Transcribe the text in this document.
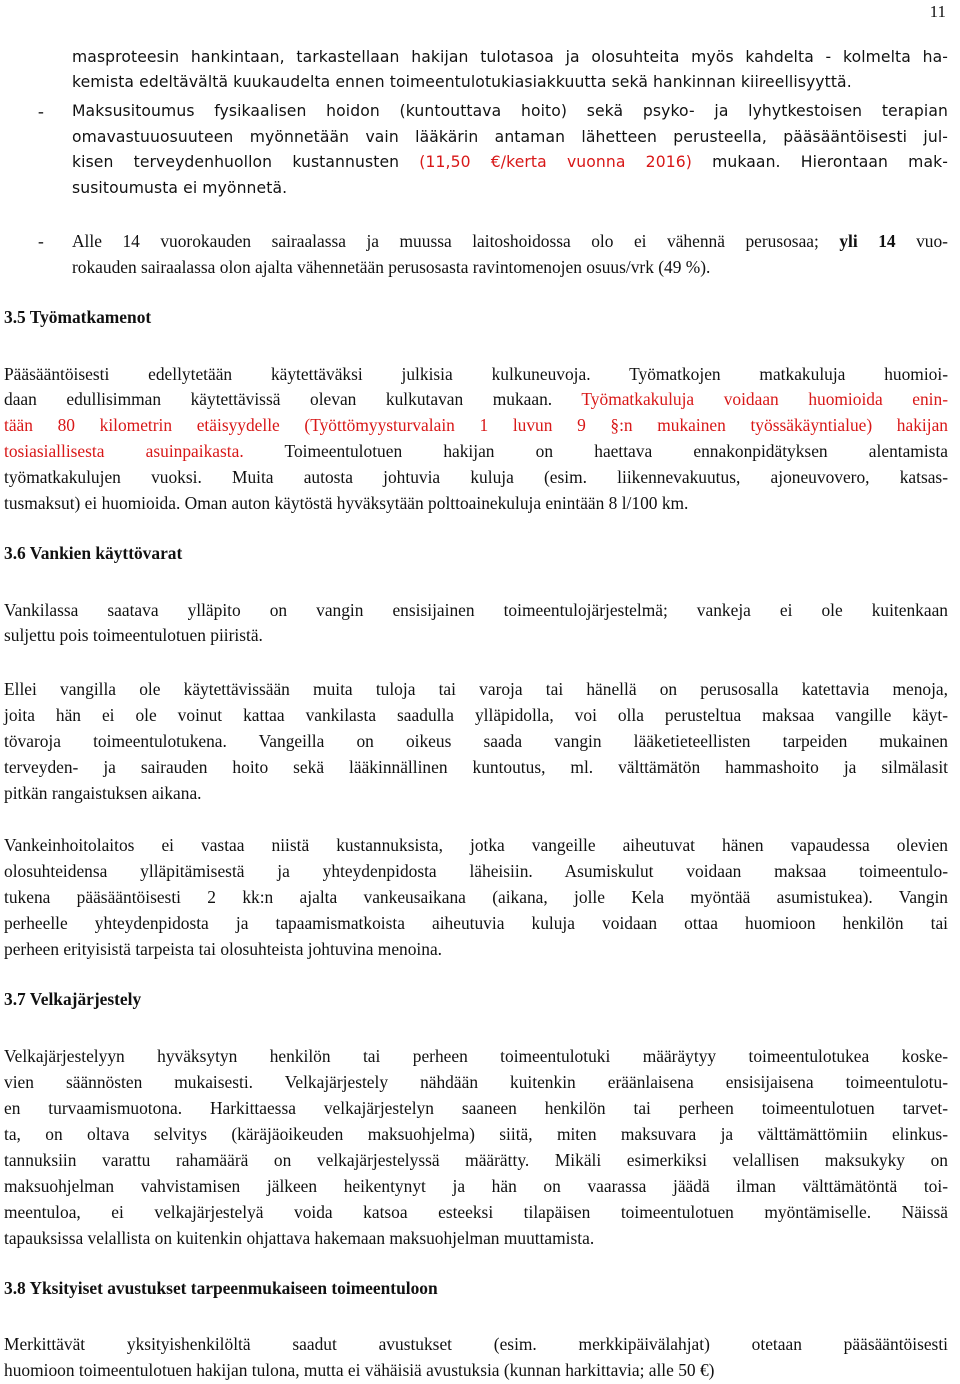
11
masproteesin hankintaan, tarkastellaan hakijan tulotasoa ja olosuhteita myös kahdelta - kolmelta ha-
kemista edeltävältä kuukaudelta ennen toimeentulotukiasiakkuutta sekä hankinnan kiireellisyyttä.
- Maksusitoumus fysikaalisen hoidon (kuntouttava hoito) sekä psyko- ja lyhytkestoisen terapian
omavastuuosuuteen myönnetään vain lääkärin antaman lähetteen perusteella, pääsääntöisesti jul-
kisen terveydenhuollon kustannusten (11,50 €/kerta vuonna 2016) mukaan. Hierontaan mak-
susitoumusta ei myönnetä.
- Alle 14 vuorokauden sairaalassa ja muussa laitoshoidossa olo ei vähennä perusosaa; yli 14 vuo-
rokauden sairaalassa olon ajalta vähennetään perusosasta ravintomenojen osuus/vrk (49 %).
3.5 Työmatkamenot
Pääsääntöisesti edellytetään käytettäväksi julkisia kulkuneuvoja. Työmatkojen matkakuluja huomioi-
daan edullisimman käytettävissä olevan kulkutavan mukaan. Työmatkakuluja voidaan huomioida enin-
tään 80 kilometrin etäisyydelle (Työttömyysturvalain 1 luvun 9 §:n mukainen työssäkäyntialue) hakijan
tosiasiallisesta asuinpaikasta. Toimeentulotuen hakijan on haettava ennakonpidätyksen alentamista
työmatkakulujen vuoksi. Muita autosta johtuvia kuluja (esim. liikennevakuutus, ajoneuvovero, katsas-
tusmaksut) ei huomioida. Oman auton käytöstä hyväksytään polttoainekuluja enintään 8 l/100 km.
3.6 Vankien käyttövarat
Vankilassa saatava ylläpito on vangin ensisijainen toimeentulojärjestelmä; vankeja ei ole kuitenkaan
suljettu pois toimeentulotuen piiristä.
Ellei vangilla ole käytettävissään muita tuloja tai varoja tai hänellä on perusosalla katettavia menoja,
joita hän ei ole voinut kattaa vankilasta saadulla ylläpidolla, voi olla perusteltua maksaa vangille käyt-
tövaroja toimeentulotukena. Vangeilla on oikeus saada vangin lääketieteellisten tarpeiden mukainen
terveyden- ja sairauden hoito sekä lääkinnällinen kuntoutus, ml. välttämätön hammashoito ja silmälasit
pitkän rangaistuksen aikana.
Vankeinhoitolaitos ei vastaa niistä kustannuksista, jotka vangeille aiheutuvat hänen vapaudessa olevien
olosuhteidensa ylläpitämisestä ja yhteydenpidosta läheisiin. Asumiskulut voidaan maksaa toimeentulo-
tukena pääsääntöisesti 2 kk:n ajalta vankeusaikana (aikana, jolle Kela myöntää asumistukea). Vangin
perheelle yhteydenpidosta ja tapaamismatkoista aiheutuvia kuluja voidaan ottaa huomioon henkilön tai
perheen erityisistä tarpeista tai olosuhteista johtuvina menoina.
3.7 Velkajärjestely
Velkajärjestelyyn hyväksytyn henkilön tai perheen toimeentulotuki määräytyy toimeentulotukea koske-
vien säännösten mukaisesti. Velkajärjestely nähdään kuitenkin eräänlaisena ensisijaisena toimeentulotu-
en turvaamismuotona. Harkittaessa velkajärjestelyn saaneen henkilön tai perheen toimeentulotuen tarvet-
ta, on oltava selvitys (käräjäoikeuden maksuohjelma) siitä, miten maksuvara ja välttämättömiin elinkus-
tannuksiin varattu rahamäärä on velkajärjestelyssä määrätty. Mikäli esimerkiksi velallisen maksukyky on
maksuohjelman vahvistamisen jälkeen heikentynyt ja hän on vaarassa jäädä ilman välttämätöntä toi-
meentuloa, ei velkajärjestelyä voida katsoa esteeksi tilapäisen toimeentulotuen myöntämiselle. Näissä
tapauksissa velallista on kuitenkin ohjattava hakemaan maksuohjelman muuttamista.
3.8 Yksityiset avustukset tarpeenmukaiseen toimeentuloon
Merkittävät yksityishenkilöltä saadut avustukset (esim. merkkipäivälahjat) otetaan pääsääntöisesti
huomioon toimeentulotuen hakijan tulona, mutta ei vähäisiä avustuksia (kunnan harkittavia; alle 50 €)
